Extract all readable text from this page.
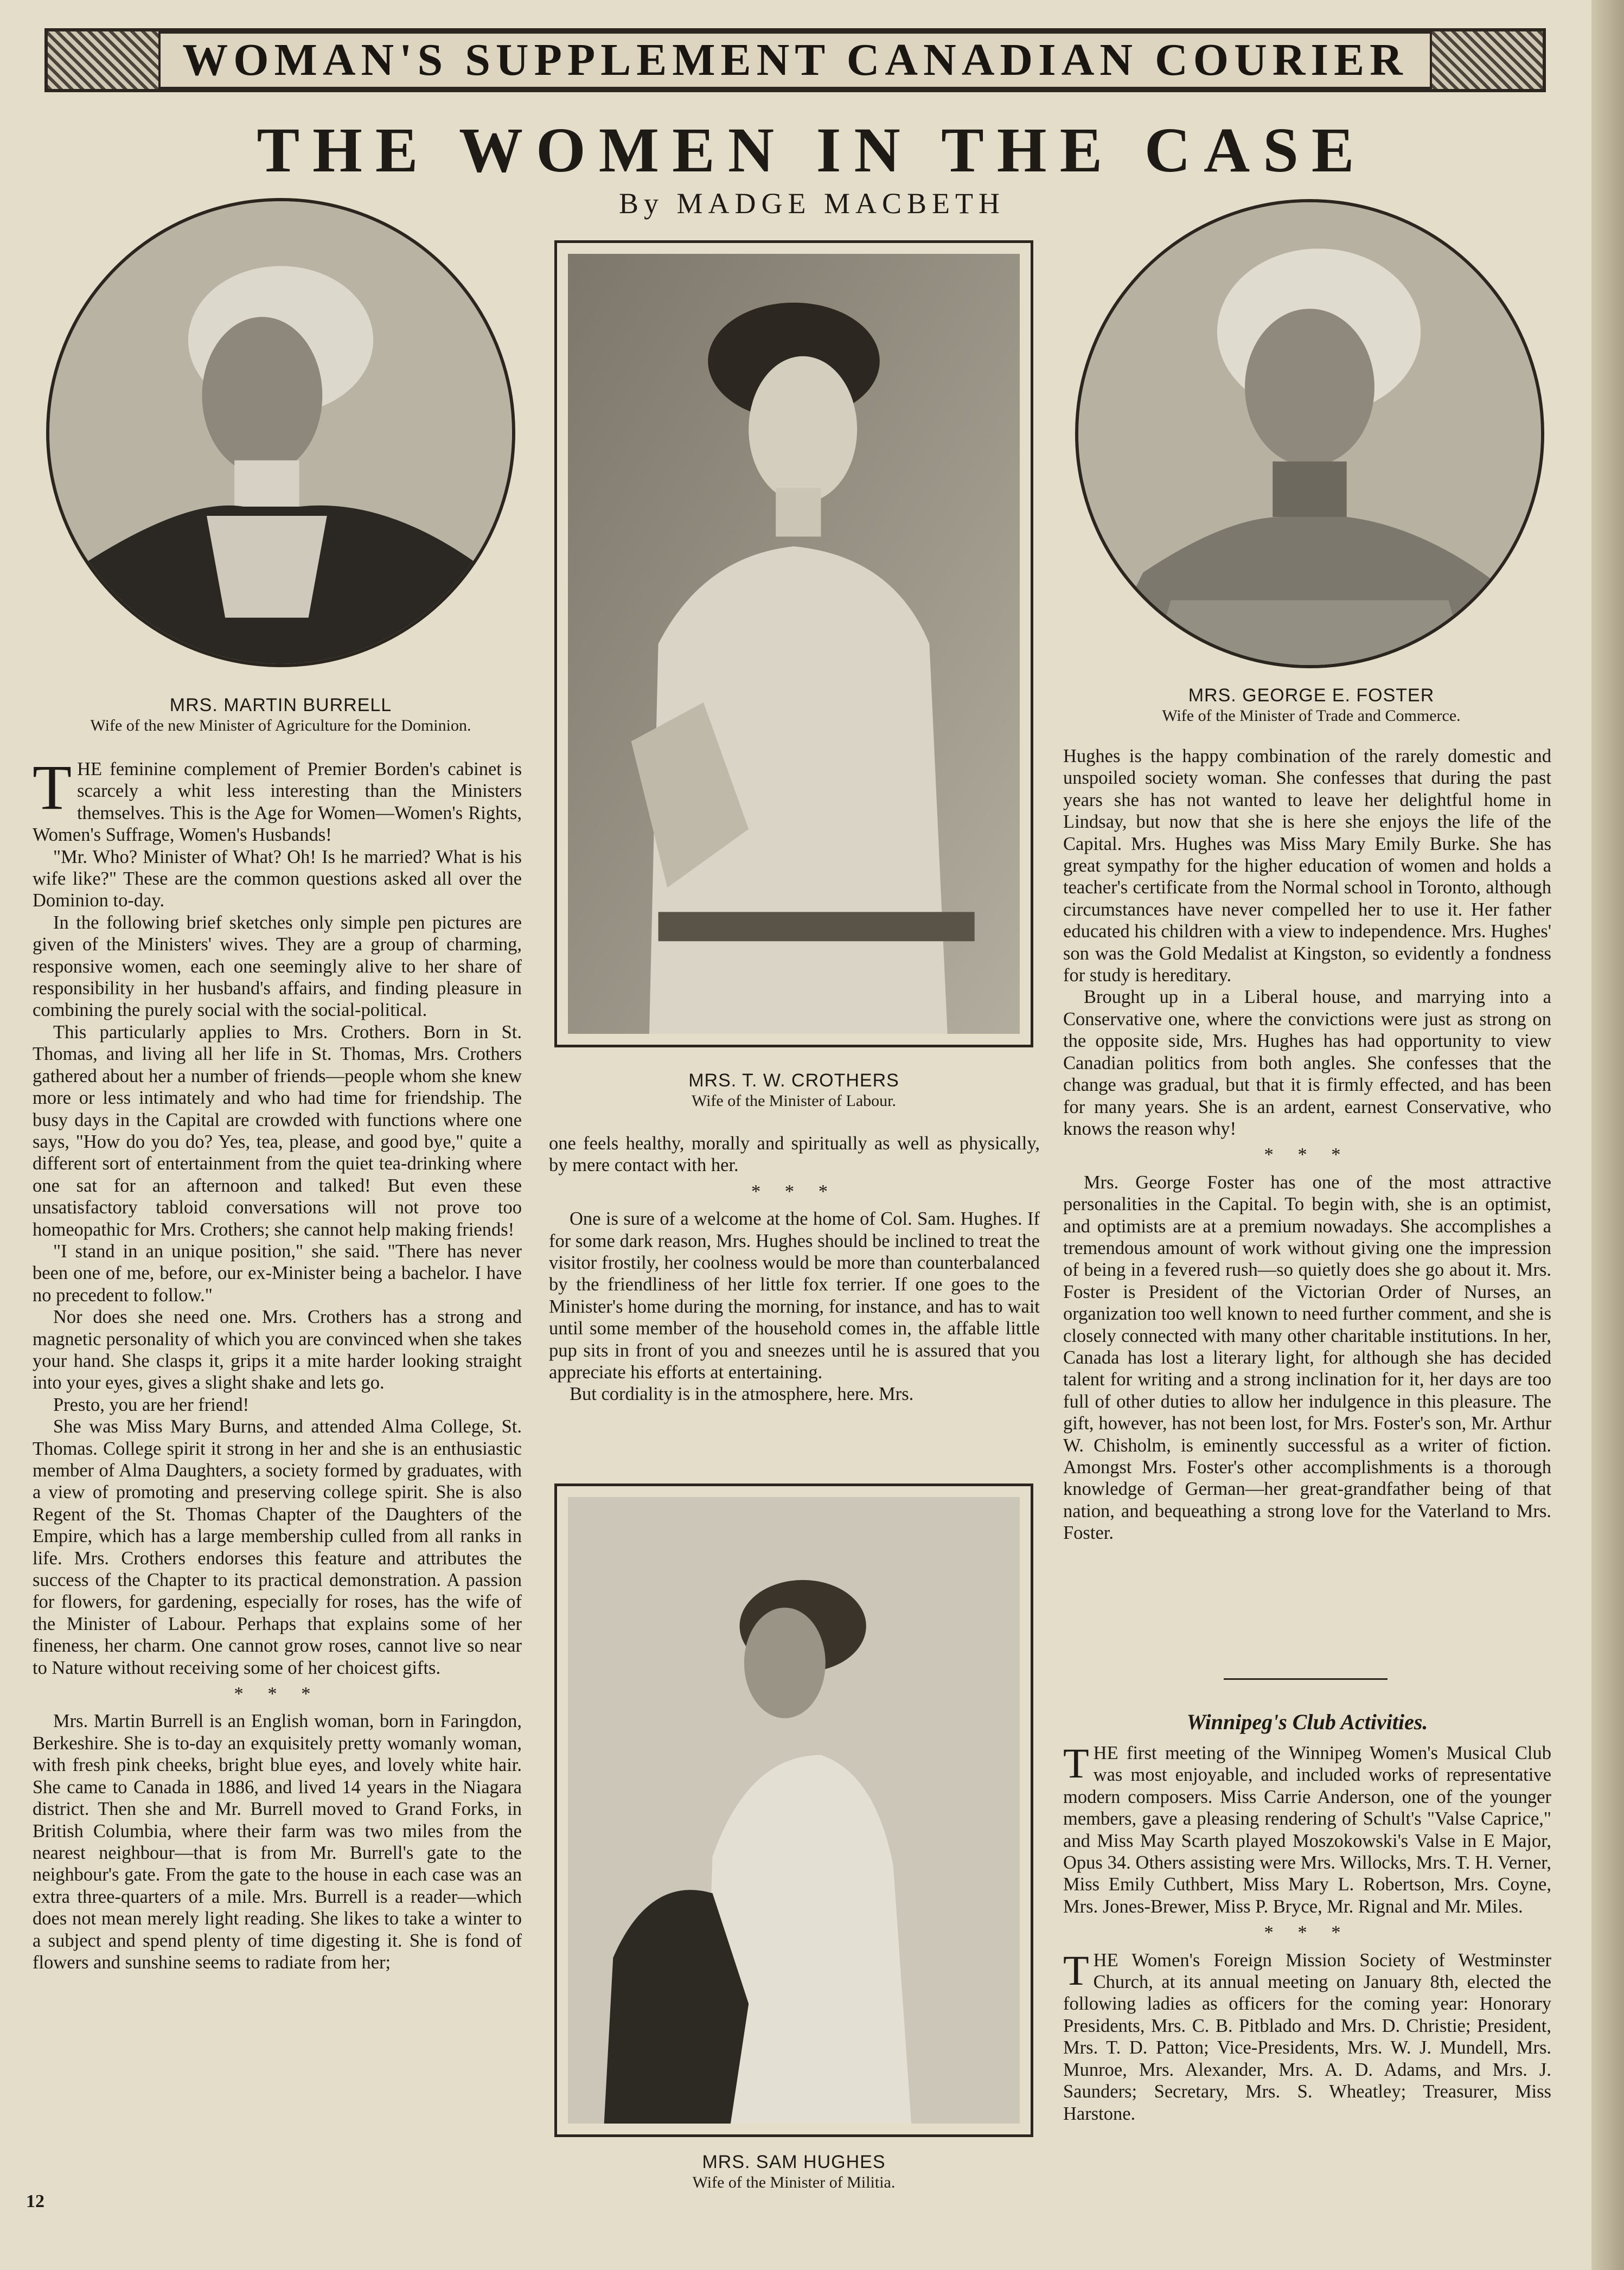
WOMAN'S SUPPLEMENT CANADIAN COURIER
THE WOMEN IN THE CASE
By MADGE MACBETH
MRS. MARTIN BURRELL
Wife of the new Minister of Agriculture for the Dominion.
MRS. T. W. CROTHERS
Wife of the Minister of Labour.
MRS. GEORGE E. FOSTER
Wife of the Minister of Trade and Commerce.
MRS. SAM HUGHES
Wife of the Minister of Militia.

THE feminine complement of Premier Borden's cabinet is scarcely a whit less interesting than the Ministers themselves. This is the Age for Women—Women's Rights, Women's Suffrage, Women's Husbands!

"Mr. Who? Minister of What? Oh! Is he married? What is his wife like?" These are the common questions asked all over the Dominion to-day.

In the following brief sketches only simple pen pictures are given of the Ministers' wives. They are a group of charming, responsive women, each one seemingly alive to her share of responsibility in her husband's affairs, and finding pleasure in combining the purely social with the social-political.

This particularly applies to Mrs. Crothers. Born in St. Thomas, and living all her life in St. Thomas, Mrs. Crothers gathered about her a number of friends—people whom she knew more or less intimately and who had time for friendship. The busy days in the Capital are crowded with functions where one says, "How do you do? Yes, tea, please, and good bye," quite a different sort of entertainment from the quiet tea-drinking where one sat for an afternoon and talked! But even these unsatisfactory tabloid conversations will not prove too homeopathic for Mrs. Crothers; she cannot help making friends!

"I stand in an unique position," she said. "There has never been one of me, before, our ex-Minister being a bachelor. I have no precedent to follow."

Nor does she need one. Mrs. Crothers has a strong and magnetic personality of which you are convinced when she takes your hand. She clasps it, grips it a mite harder looking straight into your eyes, gives a slight shake and lets go.

Presto, you are her friend!

She was Miss Mary Burns, and attended Alma College, St. Thomas. College spirit it strong in her and she is an enthusiastic member of Alma Daughters, a society formed by graduates, with a view of promoting and preserving college spirit. She is also Regent of the St. Thomas Chapter of the Daughters of the Empire, which has a large membership culled from all ranks in life. Mrs. Crothers endorses this feature and attributes the success of the Chapter to its practical demonstration. A passion for flowers, for gardening, especially for roses, has the wife of the Minister of Labour. Perhaps that explains some of her fineness, her charm. One cannot grow roses, cannot live so near to Nature without receiving some of her choicest gifts.

* * *

Mrs. Martin Burrell is an English woman, born in Faringdon, Berkeshire. She is to-day an exquisitely pretty womanly woman, with fresh pink cheeks, bright blue eyes, and lovely white hair. She came to Canada in 1886, and lived 14 years in the Niagara district. Then she and Mr. Burrell moved to Grand Forks, in British Columbia, where their farm was two miles from the nearest neighbour—that is from Mr. Burrell's gate to the neighbour's gate. From the gate to the house in each case was an extra three-quarters of a mile. Mrs. Burrell is a reader—which does not mean merely light reading. She likes to take a winter to a subject and spend plenty of time digesting it. She is fond of flowers and sunshine seems to radiate from her;

one feels healthy, morally and spiritually as well as physically, by mere contact with her.

* * *

One is sure of a welcome at the home of Col. Sam. Hughes. If for some dark reason, Mrs. Hughes should be inclined to treat the visitor frostily, her coolness would be more than counterbalanced by the friendliness of her little fox terrier. If one goes to the Minister's home during the morning, for instance, and has to wait until some member of the household comes in, the affable little pup sits in front of you and sneezes until he is assured that you appreciate his efforts at entertaining.

But cordiality is in the atmosphere, here. Mrs.

Hughes is the happy combination of the rarely domestic and unspoiled society woman. She confesses that during the past years she has not wanted to leave her delightful home in Lindsay, but now that she is here she enjoys the life of the Capital. Mrs. Hughes was Miss Mary Emily Burke. She has great sympathy for the higher education of women and holds a teacher's certificate from the Normal school in Toronto, although circumstances have never compelled her to use it. Her father educated his children with a view to independence. Mrs. Hughes' son was the Gold Medalist at Kingston, so evidently a fondness for study is hereditary.

Brought up in a Liberal house, and marrying into a Conservative one, where the convictions were just as strong on the opposite side, Mrs. Hughes has had opportunity to view Canadian politics from both angles. She confesses that the change was gradual, but that it is firmly effected, and has been for many years. She is an ardent, earnest Conservative, who knows the reason why!

* * *

Mrs. George Foster has one of the most attractive personalities in the Capital. To begin with, she is an optimist, and optimists are at a premium nowadays. She accomplishes a tremendous amount of work without giving one the impression of being in a fevered rush—so quietly does she go about it. Mrs. Foster is President of the Victorian Order of Nurses, an organization too well known to need further comment, and she is closely connected with many other charitable institutions. In her, Canada has lost a literary light, for although she has decided talent for writing and a strong inclination for it, her days are too full of other duties to allow her indulgence in this pleasure. The gift, however, has not been lost, for Mrs. Foster's son, Mr. Arthur W. Chisholm, is eminently successful as a writer of fiction. Amongst Mrs. Foster's other accomplishments is a thorough knowledge of German—her great-grandfather being of that nation, and bequeathing a strong love for the Vaterland to Mrs. Foster.

Winnipeg's Club Activities.

THE first meeting of the Winnipeg Women's Musical Club was most enjoyable, and included works of representative modern composers. Miss Carrie Anderson, one of the younger members, gave a pleasing rendering of Schult's "Valse Caprice," and Miss May Scarth played Moszokowski's Valse in E Major, Opus 34. Others assisting were Mrs. Willocks, Mrs. T. H. Verner, Miss Emily Cuthbert, Miss Mary L. Robertson, Mrs. Coyne, Mrs. Jones-Brewer, Miss P. Bryce, Mr. Rignal and Mr. Miles.

* * *

THE Women's Foreign Mission Society of Westminster Church, at its annual meeting on January 8th, elected the following ladies as officers for the coming year: Honorary Presidents, Mrs. C. B. Pitblado and Mrs. D. Christie; President, Mrs. T. D. Patton; Vice-Presidents, Mrs. W. J. Mundell, Mrs. Munroe, Mrs. Alexander, Mrs. A. D. Adams, and Mrs. J. Saunders; Secretary, Mrs. S. Wheatley; Treasurer, Miss Harstone.

12
